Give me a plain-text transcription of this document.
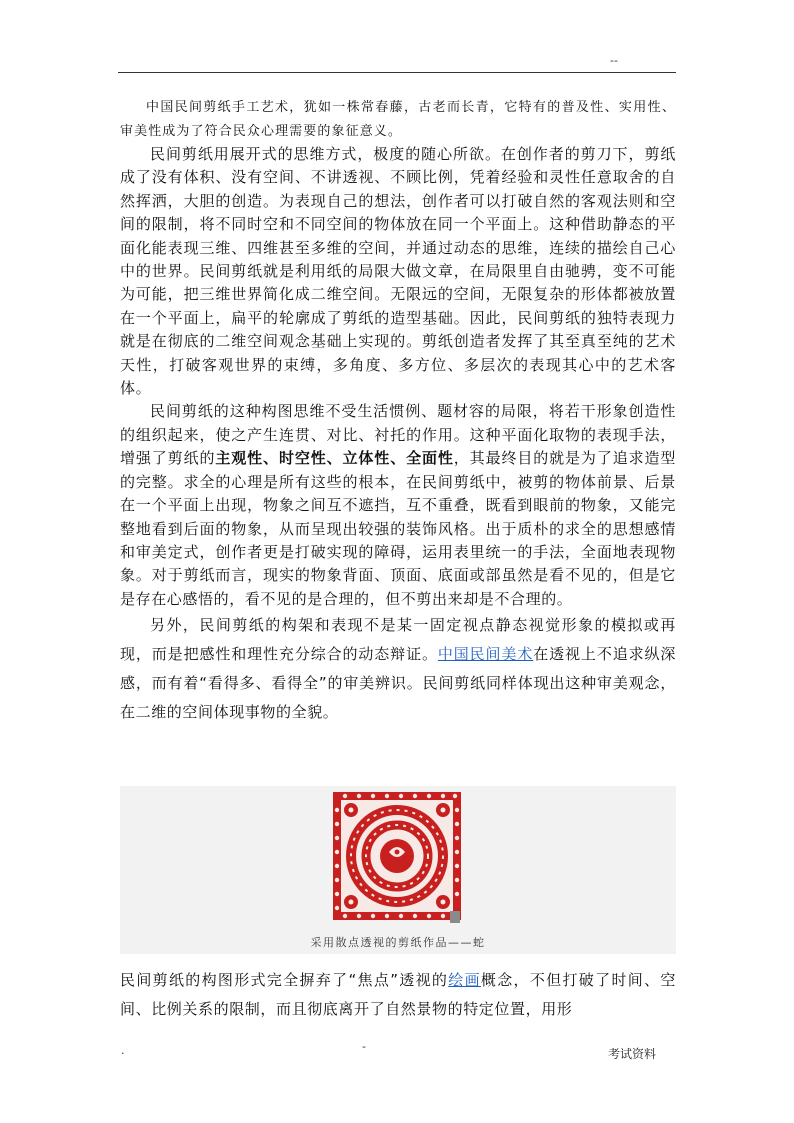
--

中国民间剪纸手工艺术，犹如一株常春藤，古老而长青，它特有的普及性、实用性、审美性成为了符合民众心理需要的象征意义。

民间剪纸用展开式的思维方式，极度的随心所欲。在创作者的剪刀下，剪纸成了没有体积、没有空间、不讲透视、不顾比例，凭着经验和灵性任意取舍的自然挥洒，大胆的创造。为表现自己的想法，创作者可以打破自然的客观法则和空间的限制，将不同时空和不同空间的物体放在同一个平面上。这种借助静态的平面化能表现三维、四维甚至多维的空间，并通过动态的思维，连续的描绘自己心中的世界。民间剪纸就是利用纸的局限大做文章，在局限里自由驰骋，变不可能为可能，把三维世界简化成二维空间。无限远的空间，无限复杂的形体都被放置在一个平面上，扁平的轮廓成了剪纸的造型基础。因此，民间剪纸的独特表现力就是在彻底的二维空间观念基础上实现的。剪纸创造者发挥了其至真至纯的艺术天性，打破客观世界的束缚，多角度、多方位、多层次的表现其心中的艺术客体。

民间剪纸的这种构图思维不受生活惯例、题材容的局限，将若干形象创造性的组织起来，使之产生连贯、对比、衬托的作用。这种平面化取物的表现手法，增强了剪纸的主观性、时空性、立体性、全面性，其最终目的就是为了追求造型的完整。求全的心理是所有这些的根本，在民间剪纸中，被剪的物体前景、后景在一个平面上出现，物象之间互不遮挡，互不重叠，既看到眼前的物象，又能完整地看到后面的物象，从而呈现出较强的装饰风格。出于质朴的求全的思想感情和审美定式，创作者更是打破实现的障碍，运用表里统一的手法，全面地表现物象。对于剪纸而言，现实的物象背面、顶面、底面或部虽然是看不见的，但是它是存在心感悟的，看不见的是合理的，但不剪出来却是不合理的。

另外，民间剪纸的构架和表现不是某一固定视点静态视觉形象的模拟或再现，而是把感性和理性充分综合的动态辩证。中国民间美术在透视上不追求纵深感，而有着“看得多、看得全”的审美辨识。民间剪纸同样体现出这种审美观念，在二维的空间体现事物的全貌。

采用散点透视的剪纸作品——蛇

民间剪纸的构图形式完全摒弃了“焦点”透视的绘画概念，不但打破了时间、空间、比例关系的限制，而且彻底离开了自然景物的特定位置，用形

.	-
考试资料
